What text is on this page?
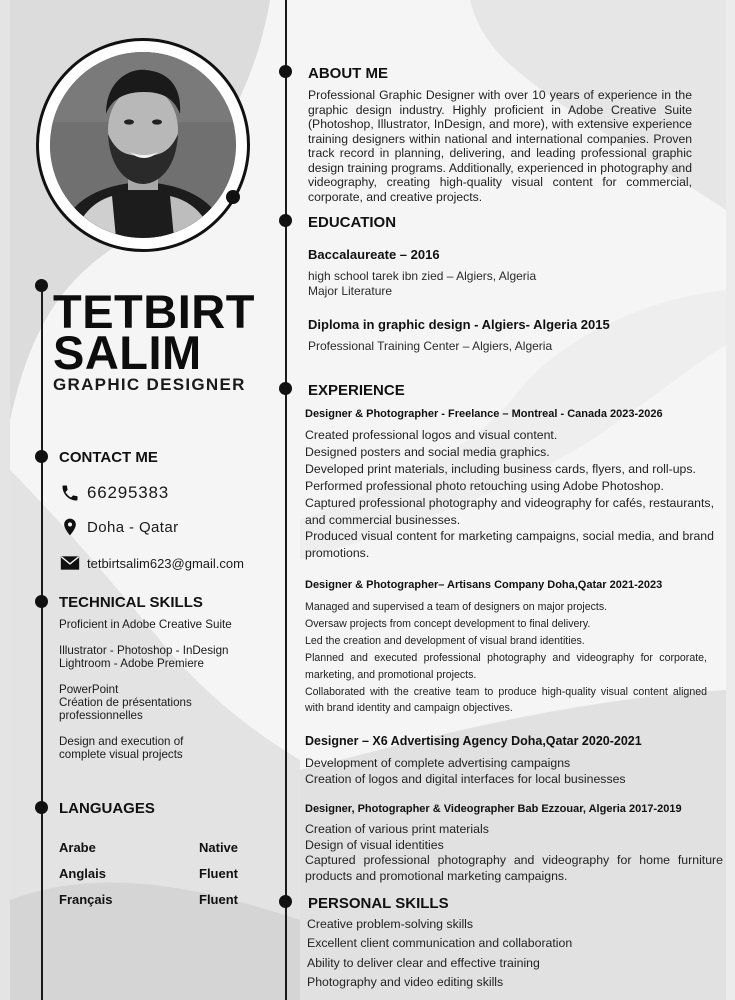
TETBIRT
SALIM
GRAPHIC DESIGNER
CONTACT ME
66295383
Doha - Qatar
tetbirtsalim623@gmail.com
TECHNICAL SKILLS
Proficient in Adobe Creative Suite
Illustrator - Photoshop - InDesign
Lightroom - Adobe Premiere
PowerPoint
Création de présentations
professionnelles
Design and execution of
complete visual projects
LANGUAGES
Arabe	Native
Anglais	Fluent
Français	Fluent
ABOUT ME
Professional Graphic Designer with over 10 years of experience in the graphic design industry. Highly proficient in Adobe Creative Suite (Photoshop, Illustrator, InDesign, and more), with extensive experience training designers within national and international companies. Proven track record in planning, delivering, and leading professional graphic design training programs. Additionally, experienced in photography and videography, creating high-quality visual content for commercial, corporate, and creative projects.
EDUCATION
Baccalaureate – 2016
high school tarek ibn zied – Algiers, Algeria
Major Literature
Diploma in graphic design - Algiers- Algeria 2015
Professional Training Center – Algiers, Algeria
EXPERIENCE
Designer & Photographer - Freelance – Montreal - Canada 2023-2026
Created professional logos and visual content.
Designed posters and social media graphics.
Developed print materials, including business cards, flyers, and roll-ups.
Performed professional photo retouching using Adobe Photoshop.
Captured professional photography and videography for cafés, restaurants, and commercial businesses.
Produced visual content for marketing campaigns, social media, and brand promotions.
Designer & Photographer– Artisans Company Doha,Qatar 2021-2023
Managed and supervised a team of designers on major projects.
Oversaw projects from concept development to final delivery.
Led the creation and development of visual brand identities.
Planned and executed professional photography and videography for corporate, marketing, and promotional projects.
Collaborated with the creative team to produce high-quality visual content aligned with brand identity and campaign objectives.
Designer – X6 Advertising Agency Doha,Qatar 2020-2021
Development of complete advertising campaigns
Creation of logos and digital interfaces for local businesses
Designer, Photographer & Videographer Bab Ezzouar, Algeria 2017-2019
Creation of various print materials
Design of visual identities
Captured professional photography and videography for home furniture products and promotional marketing campaigns.
PERSONAL SKILLS
Creative problem-solving skills
Excellent client communication and collaboration
Ability to deliver clear and effective training
Photography and video editing skills
